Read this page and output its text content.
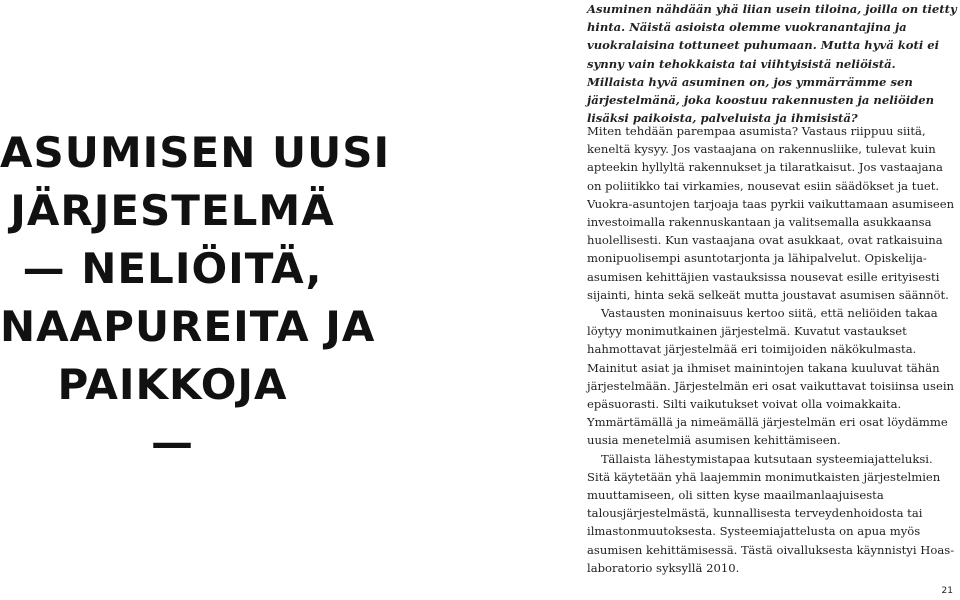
ASUMISEN UUSI
JÄRJESTELMÄ
— NELIÖITÄ,
NAAPUREITA JA
PAIKKOJA
—

Asuminen nähdään yhä liian usein tiloina, joilla on tietty hinta. Näistä asioista olemme vuokranantajina ja vuokralaisina tottuneet puhumaan. Mutta hyvä koti ei synny vain tehokkaista tai viihtyisistä neliöistä. Millaista hyvä asuminen on, jos ymmärrämme sen järjestelmänä, joka koostuu rakennusten ja neliöiden lisäksi paikoista, palveluista ja ihmisistä?

Miten tehdään parempaa asumista? Vastaus riippuu siitä, keneltä kysyy. Jos vastaajana on rakennusliike, tulevat kuin apteekin hyllyltä rakennukset ja tilaratkaisut. Jos vastaajana on poliitikko tai virkamies, nousevat esiin säädökset ja tuet. Vuokra-asuntojen tarjoaja taas pyrkii vaikuttamaan asumiseen investoimalla rakennuskantaan ja valitsemalla asukkaansa huolellisesti. Kun vastaajana ovat asukkaat, ovat ratkaisuina monipuolisempi asuntotarjonta ja lähipalvelut. Opiskelija-asumisen kehittäjien vastauksissa nousevat esille erityisesti sijainti, hinta sekä selkeät mutta joustavat asumisen säännöt.

Vastausten moninaisuus kertoo siitä, että neliöiden takaa löytyy monimutkainen järjestelmä. Kuvatut vastaukset hahmottavat järjestelmää eri toimijoiden näkökulmasta. Mainitut asiat ja ihmiset mainintojen takana kuuluvat tähän järjestelmään. Järjestelmän eri osat vaikuttavat toisiinsa usein epäsuorasti. Silti vaikutukset voivat olla voimakkaita. Ymmärtämällä ja nimeämällä järjestelmän eri osat löydämme uusia menetelmiä asumisen kehittämiseen.

Tällaista lähestymistapaa kutsutaan systeemiajatteluksi. Sitä käytetään yhä laajemmin monimutkaisten järjestelmien muuttamiseen, oli sitten kyse maailmanlaajuisesta talousjärjestelmästä, kunnallisesta terveydenhoidosta tai ilmastonmuutoksesta. Systeemiajattelusta on apua myös asumisen kehittämisessä. Tästä oivalluksesta käynnistyi Hoas-laboratorio syksyllä 2010.

21
